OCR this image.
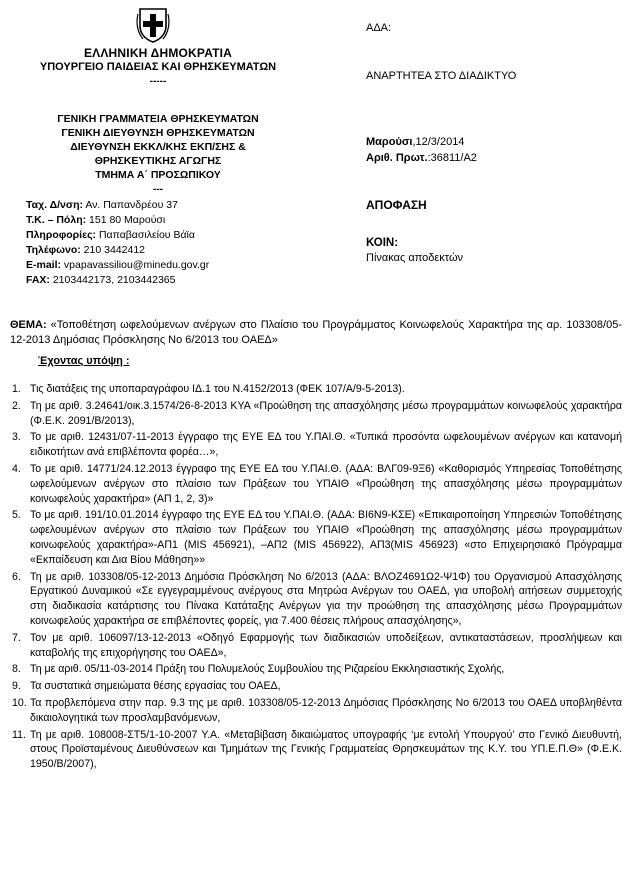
ΕΛΛΗΝΙΚΗ ΔΗΜΟΚΡΑΤΙΑ
ΥΠΟΥΡΓΕΙΟ ΠΑΙΔΕΙΑΣ ΚΑΙ ΘΡΗΣΚΕΥΜΑΤΩΝ
-----
ΓΕΝΙΚΗ ΓΡΑΜΜΑΤΕΙΑ ΘΡΗΣΚΕΥΜΑΤΩΝ
ΓΕΝΙΚΗ ΔΙΕΥΘΥΝΣΗ ΘΡΗΣΚΕΥΜΑΤΩΝ
ΔΙΕΥΘΥΝΣΗ ΕΚΚΛ/ΚΗΣ ΕΚΠ/ΣΗΣ &
ΘΡΗΣΚΕΥΤΙΚΗΣ ΑΓΩΓΗΣ
ΤΜΗΜΑ Α΄ ΠΡΟΣΩΠΙΚΟΥ
---
Ταχ. Δ/νση: Αν. Παπανδρέου 37
Τ.Κ. – Πόλη: 151 80 Μαρούσι
Πληροφορίες: Παπαβασιλείου Βάϊα
Τηλέφωνο: 210 3442412
E-mail: vpapavassiliou@minedu.gov.gr
FAX: 2103442173, 2103442365
ΑΔΑ:
ΑΝΑΡΤΗΤΕΑ ΣΤΟ ΔΙΑΔΙΚΤΥΟ
Μαρούσι,12/3/2014
Αριθ. Πρωτ.:36811/Α2
ΑΠΟΦΑΣΗ
ΚΟΙΝ:
Πίνακας αποδεκτών
ΘΕΜΑ: «Τοποθέτηση ωφελούμενων ανέργων στο Πλαίσιο του Προγράμματος Κοινωφελούς Χαρακτήρα της αρ. 103308/05-12-2013 Δημόσιας Πρόσκλησης Νο 6/2013 του ΟΑΕΔ»
Έχοντας υπόψη :
1. Τις διατάξεις της υποπαραγράφου ΙΔ.1 του Ν.4152/2013 (ΦΕΚ 107/Α/9-5-2013).
2. Τη με αριθ. 3.24641/οικ.3.1574/26-8-2013 ΚΥΑ «Προώθηση της απασχόλησης μέσω προγραμμάτων κοινωφελούς χαρακτήρα (Φ.Ε.Κ. 2091/Β/2013),
3. Το με αριθ. 12431/07-11-2013 έγγραφο της ΕΥΕ ΕΔ του Υ.ΠΑΙ.Θ. «Τυπικά προσόντα ωφελουμένων ανέργων και κατανομή ειδικοτήτων ανά επιβλέποντα φορέα…»,
4. Το με αριθ. 14771/24.12.2013 έγγραφο της ΕΥΕ ΕΔ του Υ.ΠΑΙ.Θ. (ΑΔΑ: ΒΛΓ09-9Ξ6) «Καθορισμός Υπηρεσίας Τοποθέτησης ωφελούμενων ανέργων στο πλαίσιο των Πράξεων του ΥΠΑΙΘ «Προώθηση της απασχόλησης μέσω προγραμμάτων κοινωφελούς χαρακτήρα» (ΑΠ 1, 2, 3)»
5. Το με αριθ. 191/10.01.2014 έγγραφο της ΕΥΕ ΕΔ του Υ.ΠΑΙ.Θ. (ΑΔΑ: ΒΙ6Ν9-ΚΣΕ) «Επικαιροποίηση Υπηρεσιών Τοποθέτησης ωφελουμένων ανέργων στο πλαίσιο των Πράξεων του ΥΠΑΙΘ «Προώθηση της απασχόλησης μέσω προγραμμάτων κοινωφελούς χαρακτήρα»-ΑΠ1 (MIS 456921), –ΑΠ2 (MIS 456922), ΑΠ3(MIS 456923) «στο Επιχειρησιακό Πρόγραμμα «Εκπαίδευση και Δια Βίου Μάθηση»»
6. Τη με αριθ. 103308/05-12-2013 Δημόσια Πρόσκληση Νο 6/2013 (ΑΔΑ: ΒΛΟΖ4691Ω2-Ψ1Φ) του Οργανισμού Απασχόλησης Εργατικού Δυναμικού «Σε εγγεγραμμένους ανέργους στα Μητρώα Ανέργων του ΟΑΕΔ, για υποβολή αιτήσεων συμμετοχής στη διαδικασία κατάρτισης του Πίνακα Κατάταξης Ανέργων για την προώθηση της απασχόλησης μέσω Προγραμμάτων κοινωφελούς χαρακτήρα σε επιβλέποντες φορείς, για 7.400 θέσεις πλήρους απασχόλησης»,
7. Τον με αριθ. 106097/13-12-2013 «Οδηγό Εφαρμογής των διαδικασιών υποδείξεων, αντικαταστάσεων, προσλήψεων και καταβολής της επιχορήγησης του ΟΑΕΔ»,
8. Τη με αριθ. 05/11-03-2014 Πράξη του Πολυμελούς Συμβουλίου της Ριζαρείου Εκκλησιαστικής Σχολής,
9. Τα συστατικά σημειώματα θέσης εργασίας του ΟΑΕΔ,
10. Τα προβλεπόμενα στην παρ. 9.3 της με αριθ. 103308/05-12-2013 Δημόσιας Πρόσκλησης Νο 6/2013 του ΟΑΕΔ υποβληθέντα δικαιολογητικά των προσλαμβανόμενων,
11. Τη με αριθ. 108008-ΣΤ5/1-10-2007 Υ.Α. «Μεταβίβαση δικαιώματος υπογραφής ‘με εντολή Υπουργού’ στο Γενικό Διευθυντή, στους Προϊσταμένους Διευθύνσεων και Τμημάτων της Γενικής Γραμματείας Θρησκευμάτων της Κ.Υ. του ΥΠ.Ε.Π.Θ» (Φ.Ε.Κ. 1950/Β/2007),
